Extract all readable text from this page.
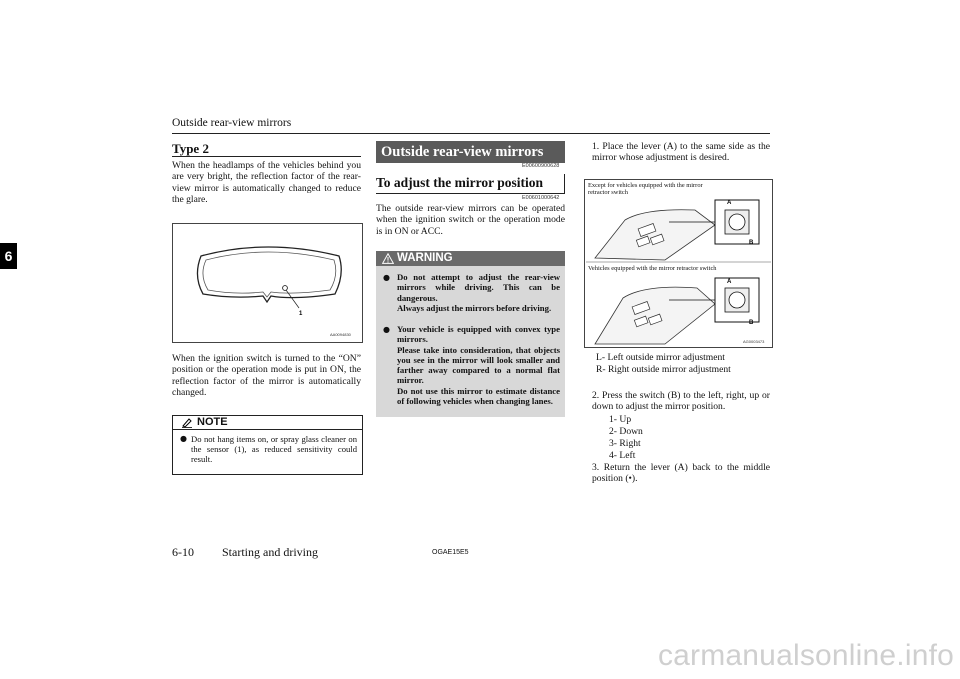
Outside rear-view mirrors
6
Type 2
When the headlamps of the vehicles behind you are very bright, the reflection factor of the rear-view mirror is automatically changed to reduce the glare.
1
AA0094830
When the ignition switch is turned to the “ON” position or the operation mode is put in ON, the reflection factor of the mirror is automatically changed.
NOTE
● Do not hang items on, or spray glass cleaner on the sensor (1), as reduced sensitivity could result.
Outside rear-view mirrors
E00600900628
To adjust the mirror position
E00601000642
The outside rear-view mirrors can be operated when the ignition switch or the operation mode is in ON or ACC.
WARNING
● Do not attempt to adjust the rear-view mirrors while driving. This can be dangerous.
Always adjust the mirrors before driving.
● Your vehicle is equipped with convex type mirrors.
Please take into consideration, that objects you see in the mirror will look smaller and farther away compared to a normal flat mirror.
Do not use this mirror to estimate distance of following vehicles when changing lanes.
1. Place the lever (A) to the same side as the mirror whose adjustment is desired.
A
B
A
B
AG0003473
Except for vehicles equipped with the mirror retractor switch
Vehicles equipped with the mirror retractor switch
L- Left outside mirror adjustment
R- Right outside mirror adjustment
2. Press the switch (B) to the left, right, up or down to adjust the mirror position.
1- Up
2- Down
3- Right
4- Left
3. Return the lever (A) back to the middle position (•).
6-10 Starting and driving	OGAE15E5
carmanualsonline.info
